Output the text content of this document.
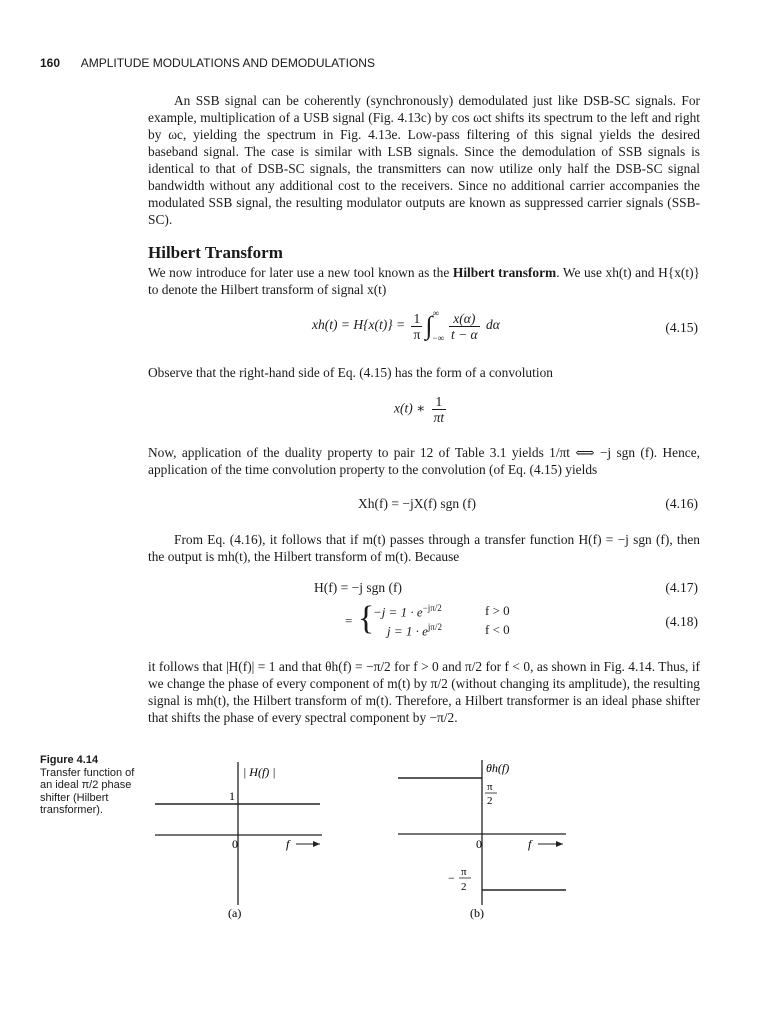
160 AMPLITUDE MODULATIONS AND DEMODULATIONS

An SSB signal can be coherently (synchronously) demodulated just like DSB-SC signals. For example, multiplication of a USB signal (Fig. 4.13c) by cos ωct shifts its spectrum to the left and right by ωc, yielding the spectrum in Fig. 4.13e. Low-pass filtering of this signal yields the desired baseband signal. The case is similar with LSB signals. Since the demodulation of SSB signals is identical to that of DSB-SC signals, the transmitters can now utilize only half the DSB-SC signal bandwidth without any additional cost to the receivers. Since no additional carrier accompanies the modulated SSB signal, the resulting modulator outputs are known as suppressed carrier signals (SSB-SC).

Hilbert Transform

We now introduce for later use a new tool known as the Hilbert transform. We use xh(t) and H{x(t)} to denote the Hilbert transform of signal x(t)

$xh(t) = H\{x(t)\} = \frac{1}{\pi}$ ∫ ∞
−∞ $\frac{x(\alpha)}{t - \alpha}$ dα	(4.15)

Observe that the right-hand side of Eq. (4.15) has the form of a convolution

x(t) ∗ $\frac{1}{\pi t}$

Now, application of the duality property to pair 12 of Table 3.1 yields 1/πt ⟺ −j sgn (f). Hence, application of the time convolution property to the convolution (of Eq. (4.15) yields

Xh(f) = −jX(f) sgn (f)	(4.16)

From Eq. (4.16), it follows that if m(t) passes through a transfer function H(f) = −j sgn (f), then the output is mh(t), the Hilbert transform of m(t). Because

H(f) = −j sgn (f)	(4.17)
= {
$-j = 1 \cdot e^{-j\pi/2}$	f > 0
$j = 1 \cdot e^{j\pi/2}$	f < 0
(4.18)

it follows that |H(f)| = 1 and that θh(f) = −π/2 for f > 0 and π/2 for f < 0, as shown in Fig. 4.14. Thus, if we change the phase of every component of m(t) by π/2 (without changing its amplitude), the resulting signal is mh(t), the Hilbert transform of m(t). Therefore, a Hilbert transformer is an ideal phase shifter that shifts the phase of every spectral component by −π/2.

Figure 4.14
Transfer function of an ideal π/2 phase shifter (Hilbert transformer).
| H(f) |
1
0	f
(a)
θh(f)
π
2
0	f
− π
2
(b)
